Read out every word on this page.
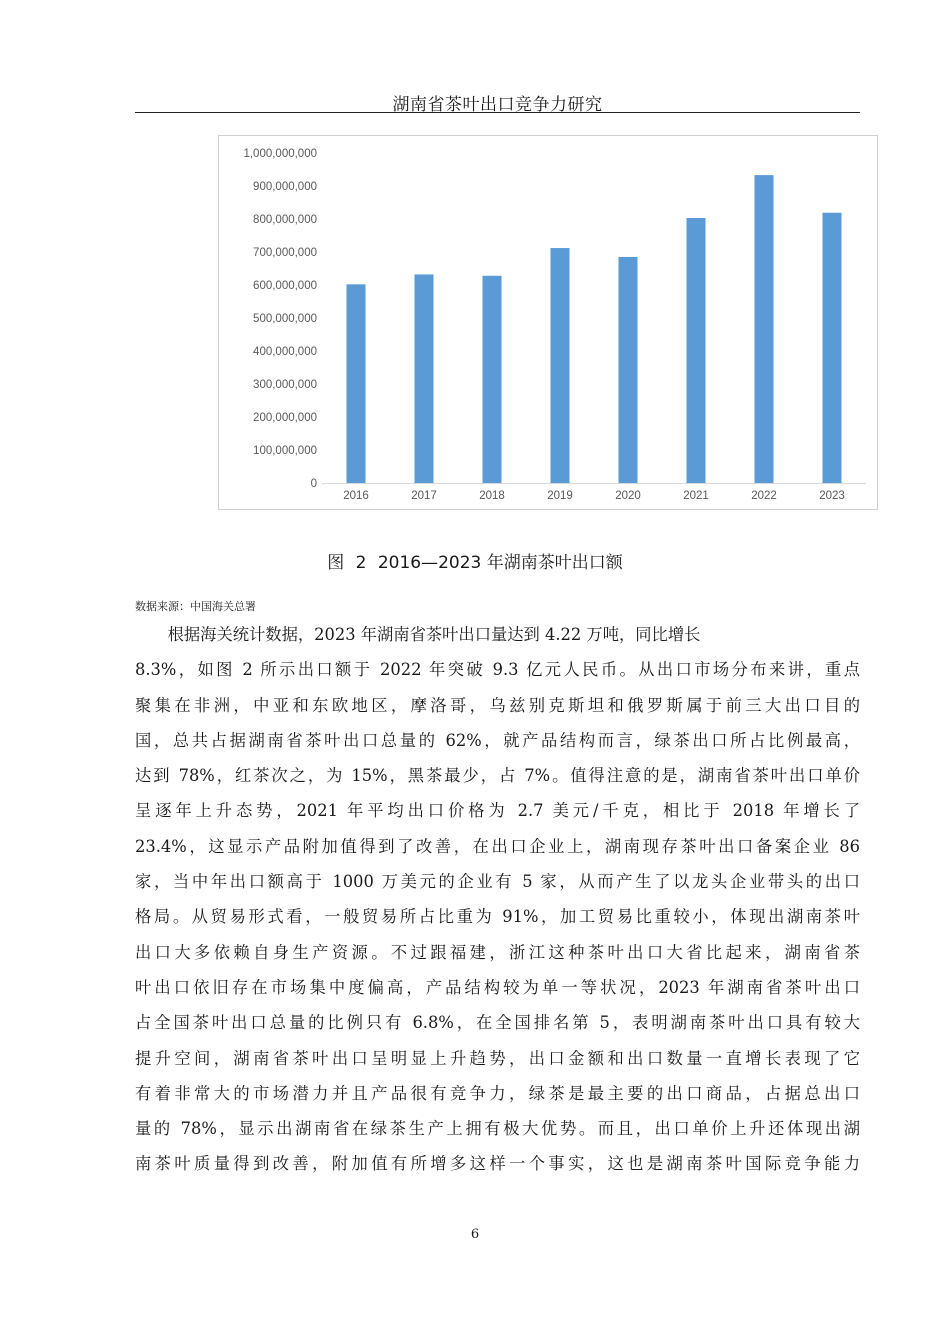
湖南省茶叶出口竞争力研究
0
100,000,000
200,000,000
300,000,000
400,000,000
500,000,000
600,000,000
700,000,000
800,000,000
900,000,000
1,000,000,000
2016	2017	2018	2019	2020	2021	2022	2023
图 2 2016—2023 年湖南茶叶出口额
数据来源：中国海关总署
根据海关统计数据，2023 年湖南省茶叶出口量达到 4.22 万吨，同比增长
8.3%，如图 2 所示出口额于 2022 年突破 9.3 亿元人民币。从出口市场分布来讲，重点
聚集在非洲，中亚和东欧地区，摩洛哥，乌兹别克斯坦和俄罗斯属于前三大出口目的
国，总共占据湖南省茶叶出口总量的 62%，就产品结构而言，绿茶出口所占比例最高，
达到 78%，红茶次之，为 15%，黑茶最少，占 7%。值得注意的是，湖南省茶叶出口单价
呈逐年上升态势，2021 年平均出口价格为 2.7 美元/千克，相比于 2018 年增长了
23.4%，这显示产品附加值得到了改善，在出口企业上，湖南现存茶叶出口备案企业 86
家，当中年出口额高于 1000 万美元的企业有 5 家，从而产生了以龙头企业带头的出口
格局。从贸易形式看，一般贸易所占比重为 91%，加工贸易比重较小，体现出湖南茶叶
出口大多依赖自身生产资源。不过跟福建，浙江这种茶叶出口大省比起来，湖南省茶
叶出口依旧存在市场集中度偏高，产品结构较为单一等状况，2023 年湖南省茶叶出口
占全国茶叶出口总量的比例只有 6.8%，在全国排名第 5，表明湖南茶叶出口具有较大
提升空间，湖南省茶叶出口呈明显上升趋势，出口金额和出口数量一直增长表现了它
有着非常大的市场潜力并且产品很有竞争力，绿茶是最主要的出口商品，占据总出口
量的 78%，显示出湖南省在绿茶生产上拥有极大优势。而且，出口单价上升还体现出湖
南茶叶质量得到改善，附加值有所增多这样一个事实，这也是湖南茶叶国际竞争能力
6
